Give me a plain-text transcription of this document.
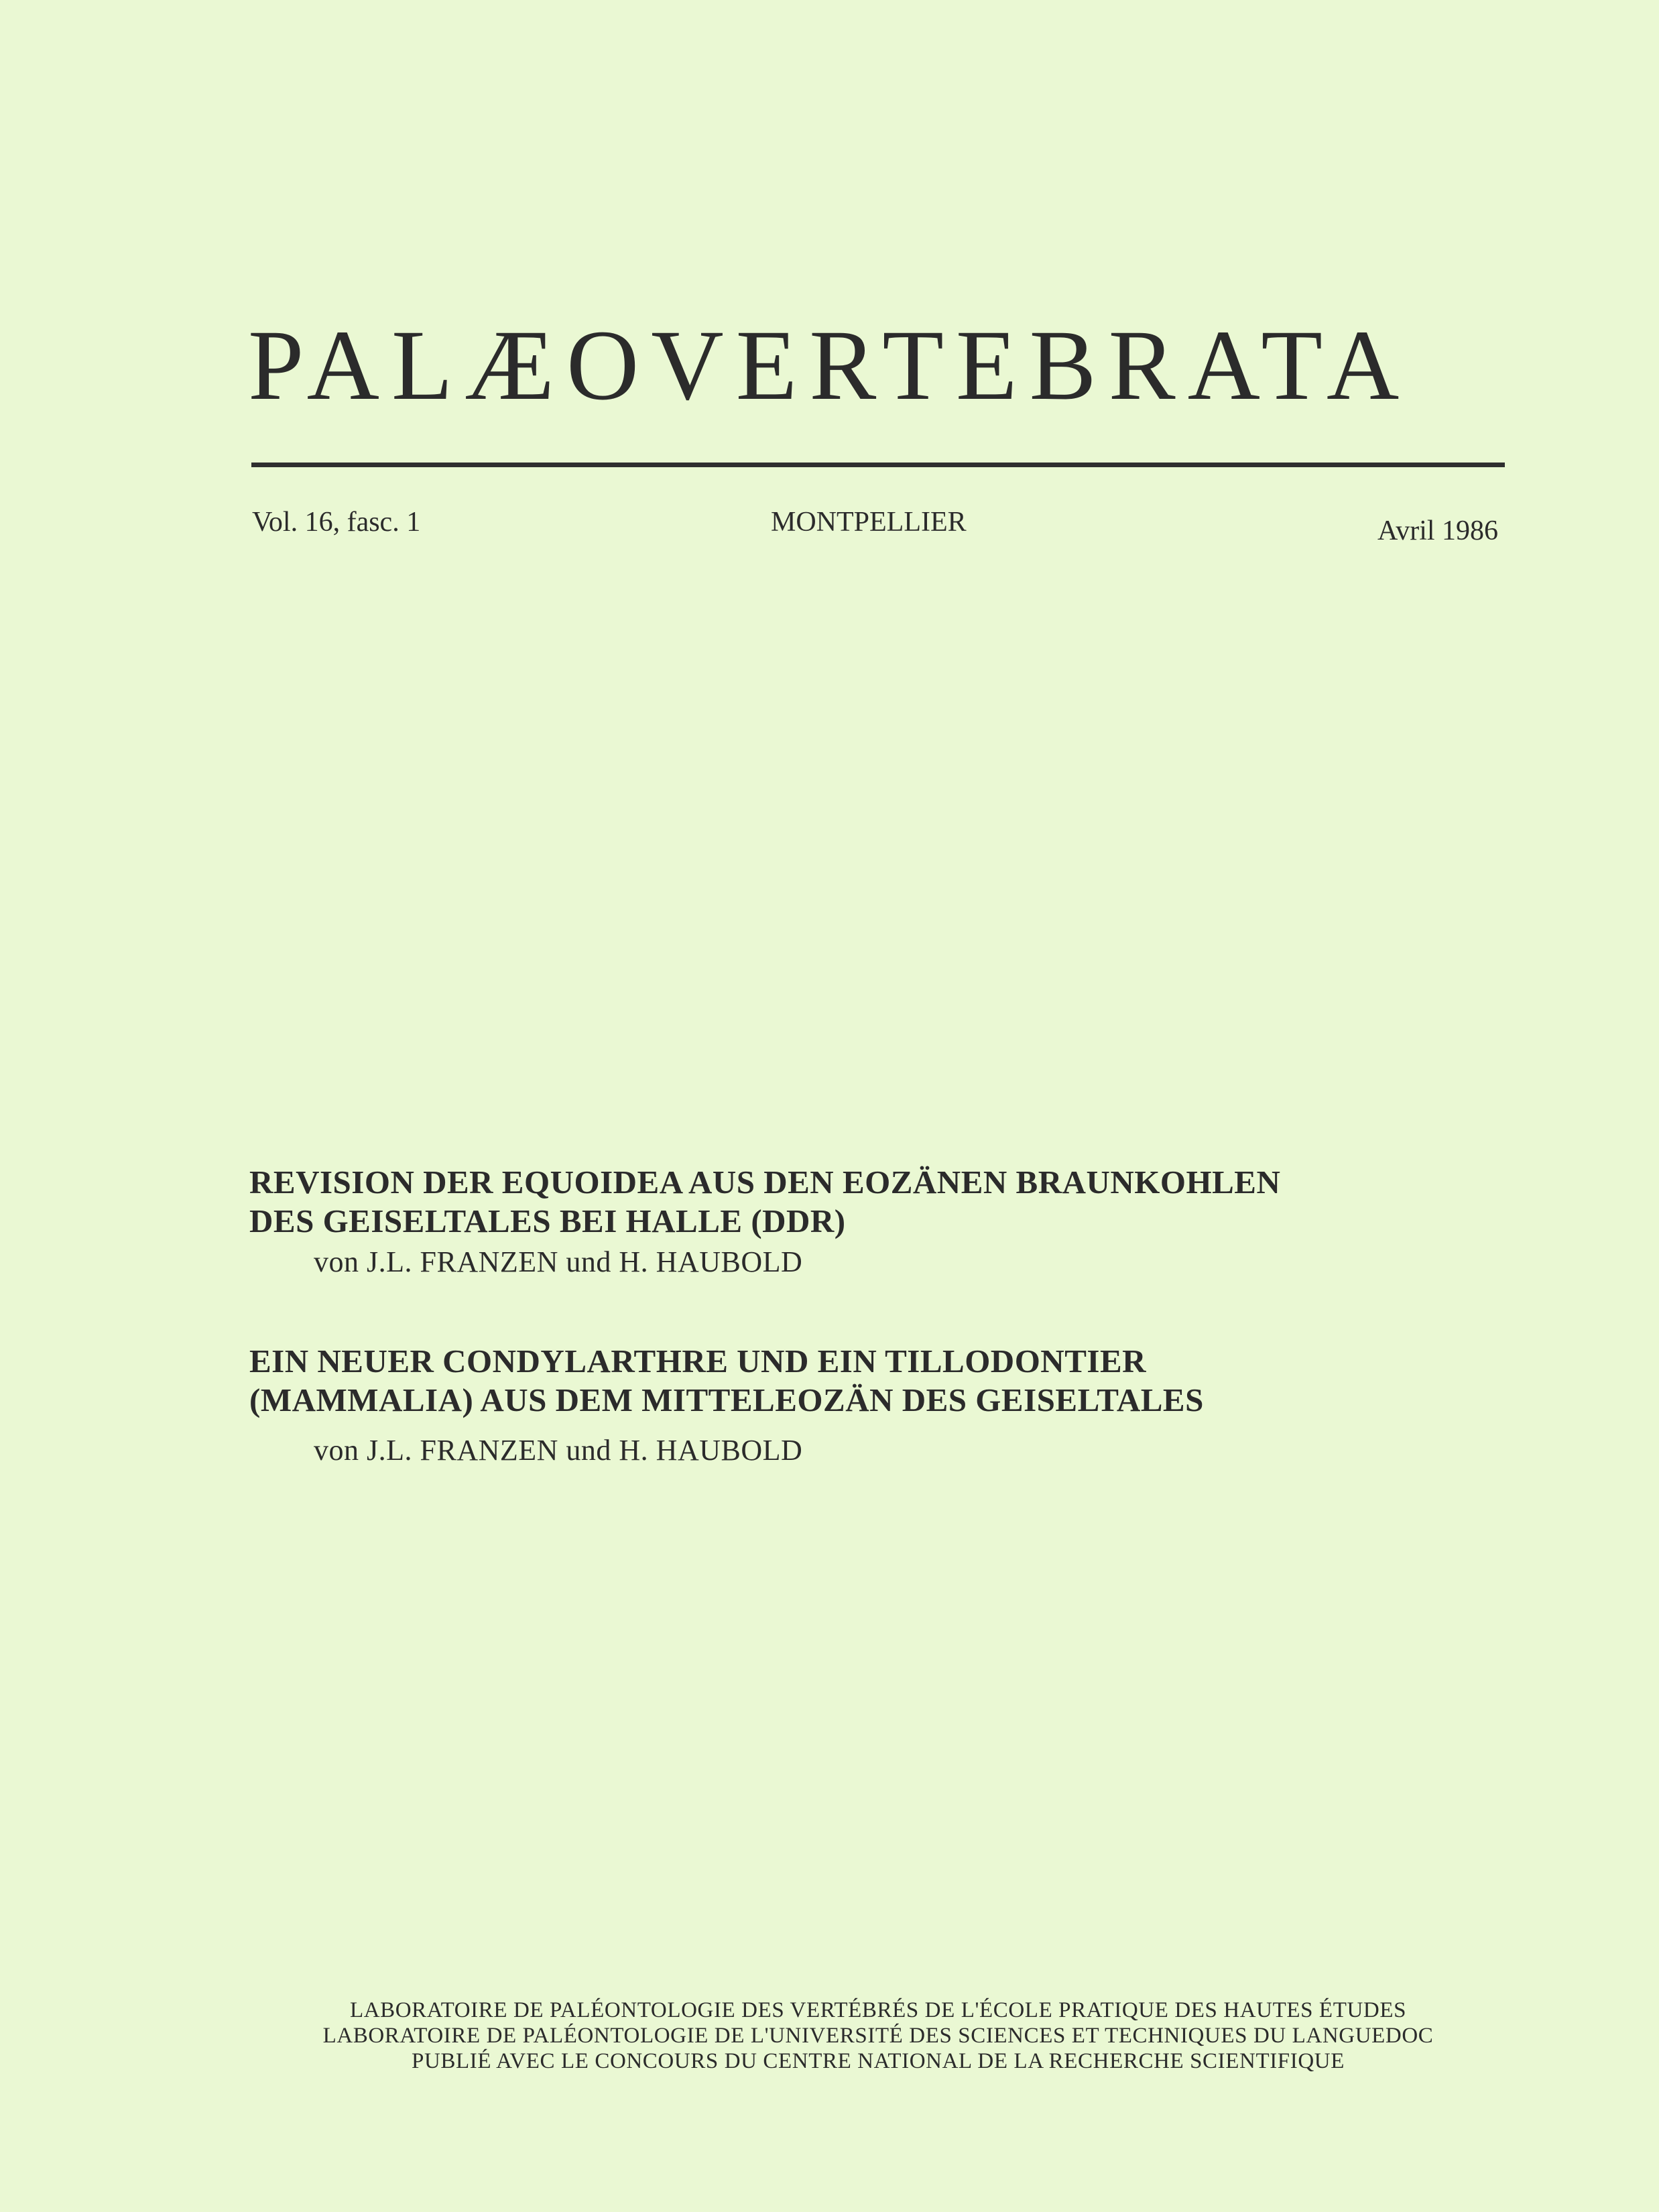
PALÆOVERTEBRATA
Vol. 16, fasc. 1	MONTPELLIER	Avril 1986
REVISION DER EQUOIDEA AUS DEN EOZÄNEN BRAUNKOHLEN
DES GEISELTALES BEI HALLE (DDR)
von J.L. FRANZEN und H. HAUBOLD
EIN NEUER CONDYLARTHRE UND EIN TILLODONTIER
(MAMMALIA) AUS DEM MITTELEOZÄN DES GEISELTALES
von J.L. FRANZEN und H. HAUBOLD
LABORATOIRE DE PALÉONTOLOGIE DES VERTÉBRÉS DE L'ÉCOLE PRATIQUE DES HAUTES ÉTUDES
LABORATOIRE DE PALÉONTOLOGIE DE L'UNIVERSITÉ DES SCIENCES ET TECHNIQUES DU LANGUEDOC
PUBLIÉ AVEC LE CONCOURS DU CENTRE NATIONAL DE LA RECHERCHE SCIENTIFIQUE
